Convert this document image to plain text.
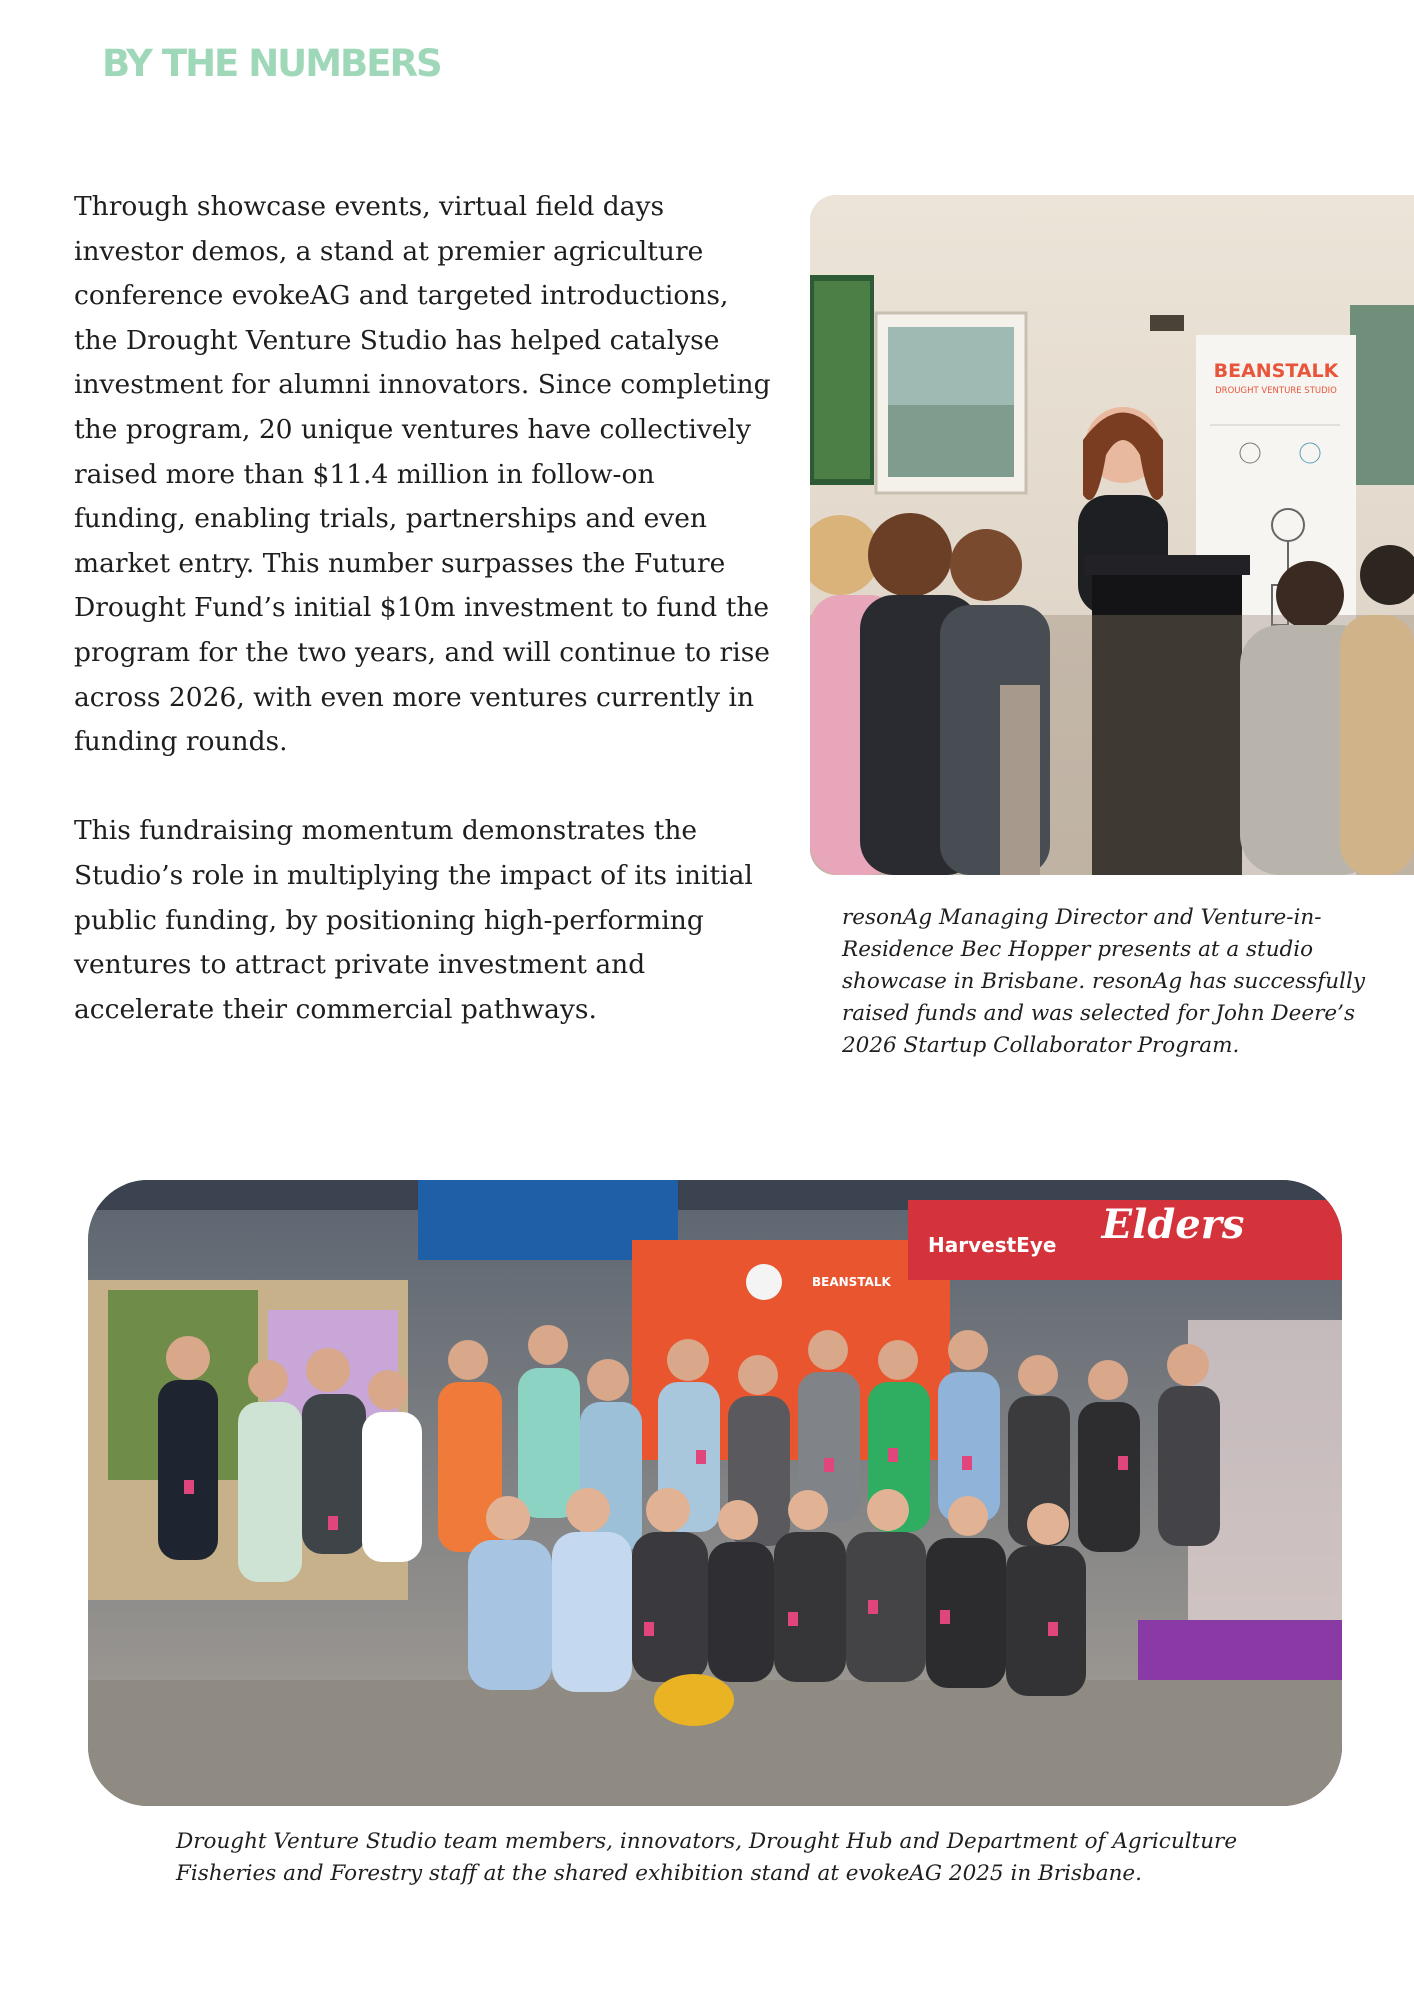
BY THE NUMBERS

Through showcase events, virtual field days investor demos, a stand at premier agriculture conference evokeAG and targeted introductions, the Drought Venture Studio has helped catalyse investment for alumni innovators. Since completing the program, 20 unique ventures have collectively raised more than $11.4 million in follow-on funding, enabling trials, partnerships and even market entry. This number surpasses the Future Drought Fund’s initial $10m investment to fund the program for the two years, and will continue to rise across 2026, with even more ventures currently in funding rounds.

This fundraising momentum demonstrates the Studio’s role in multiplying the impact of its initial public funding, by positioning high-performing ventures to attract private investment and accelerate their commercial pathways.

BEANSTALK
DROUGHT VENTURE STUDIO
resonAg Managing Director and Venture-in-Residence Bec Hopper presents at a studio showcase in Brisbane. resonAg has successfully raised funds and was selected for John Deere’s 2026 Startup Collaborator Program.
BEANSTALK
HarvestEye Elders
Drought Venture Studio team members, innovators, Drought Hub and Department of Agriculture Fisheries and Forestry staff at the shared exhibition stand at evokeAG 2025 in Brisbane.
